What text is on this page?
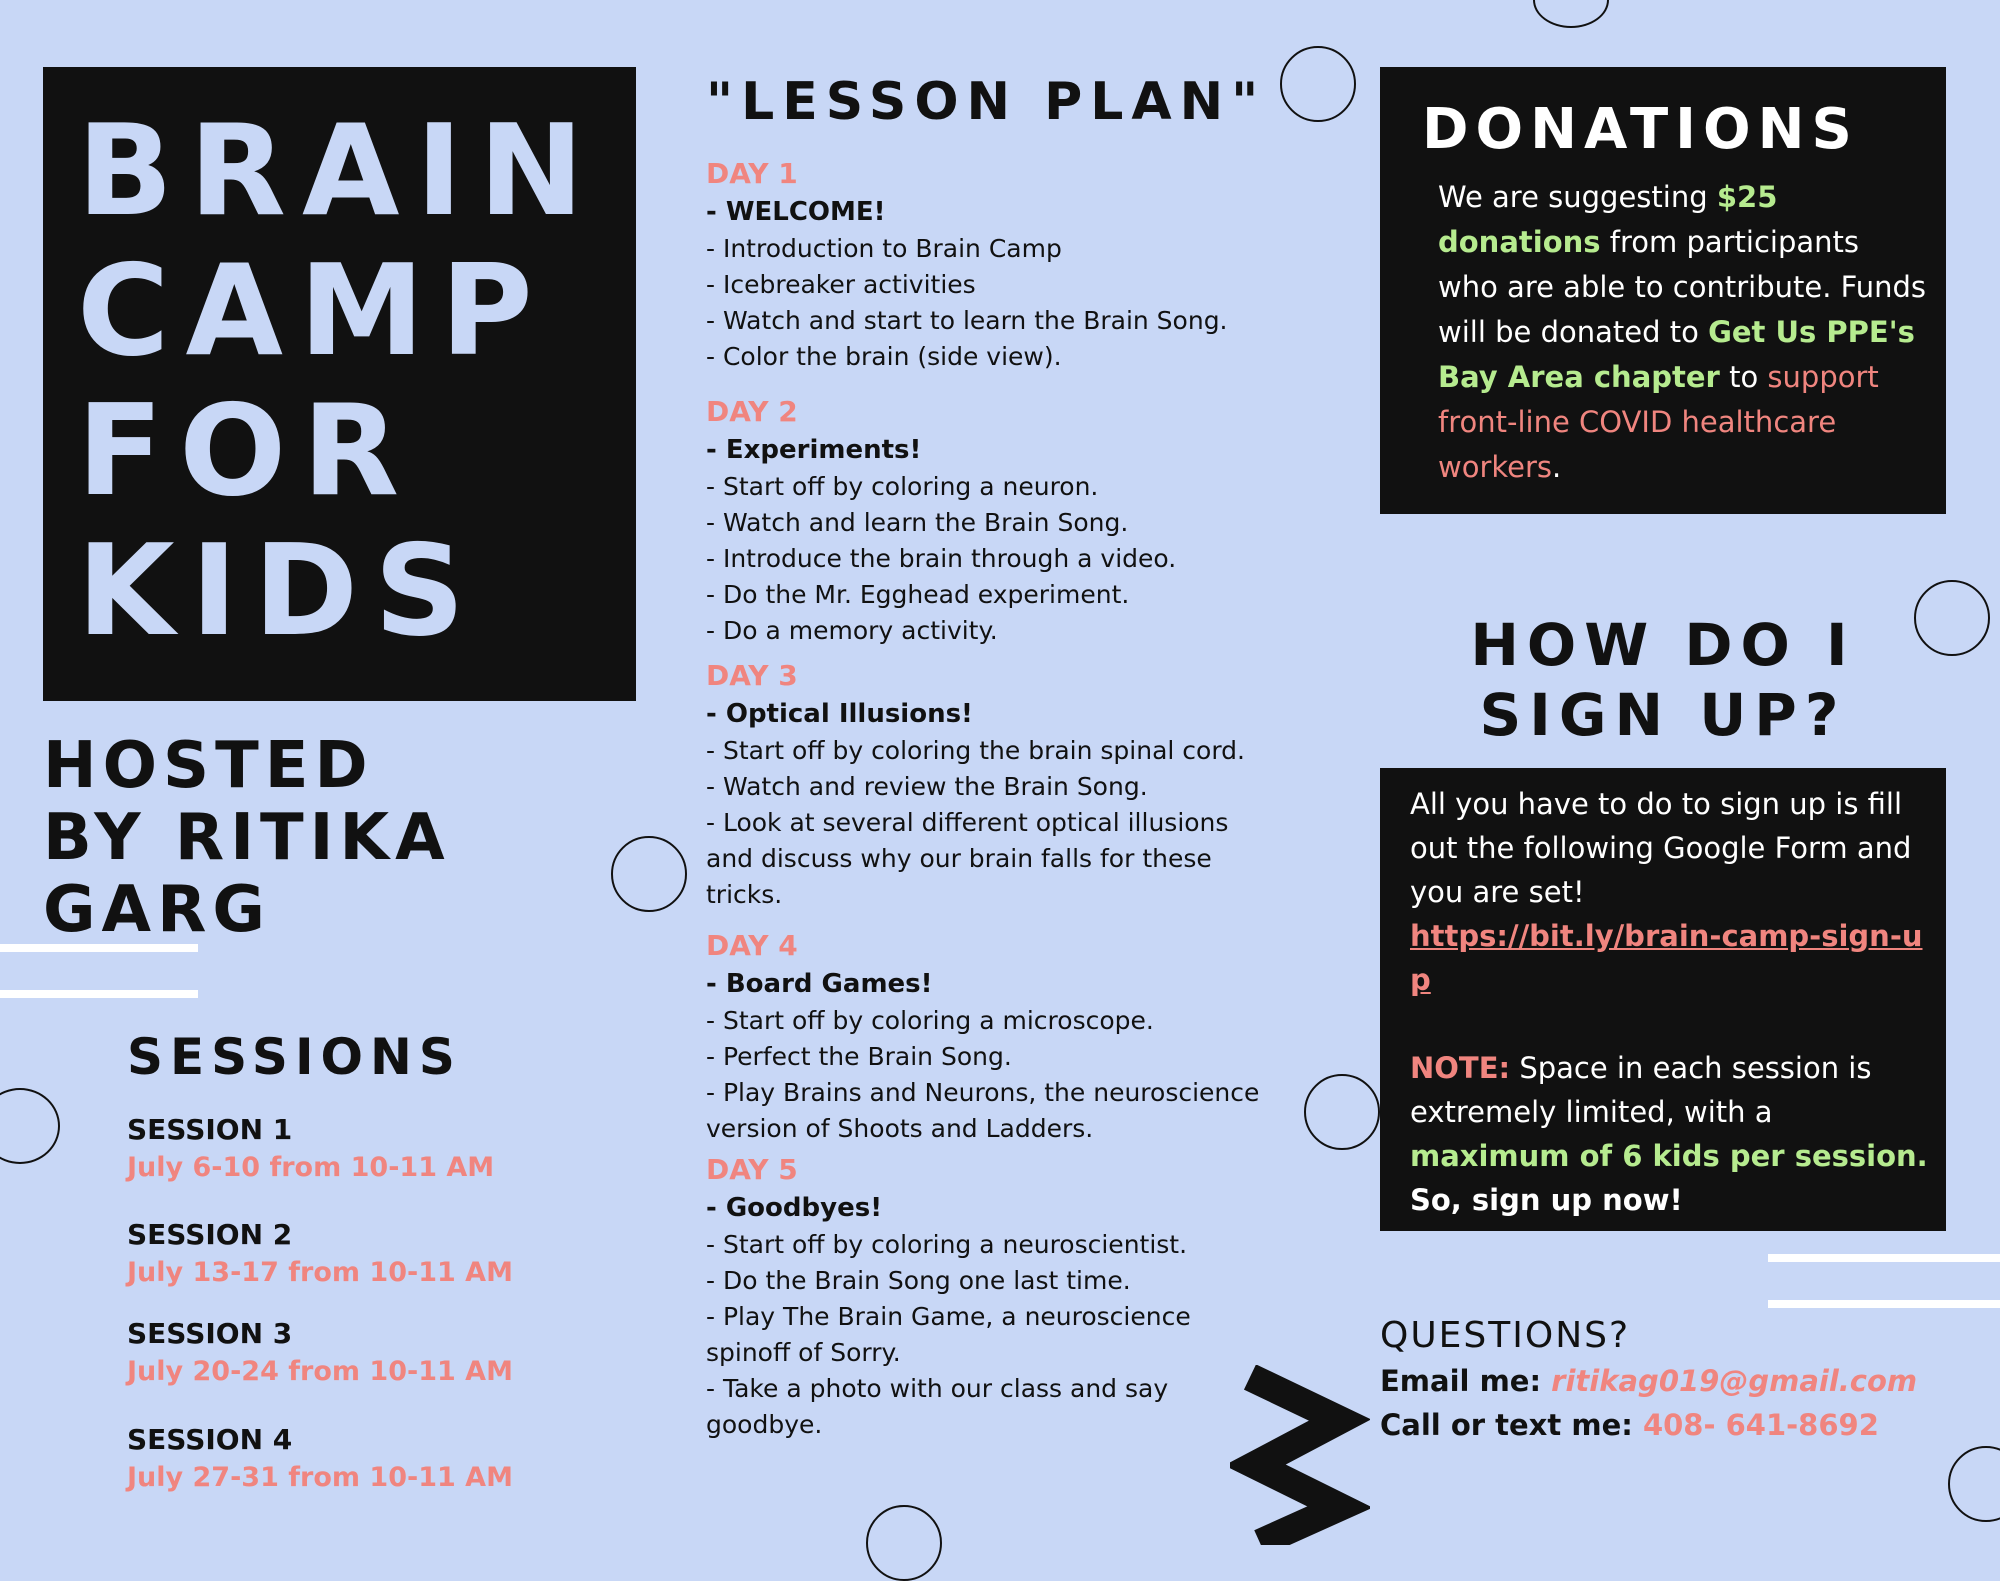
BRAIN
CAMP
FOR
KIDS
HOSTED
BY RITIKA
GARG
SESSIONS
SESSION 1
July 6-10 from 10-11 AM
SESSION 2
July 13-17 from 10-11 AM
SESSION 3
July 20-24 from 10-11 AM
SESSION 4
July 27-31 from 10-11 AM
"LESSON PLAN"
DAY 1
- WELCOME!
- Introduction to Brain Camp
- Icebreaker activities
- Watch and start to learn the Brain Song.
- Color the brain (side view).
DAY 2
- Experiments!
- Start off by coloring a neuron.
- Watch and learn the Brain Song.
- Introduce the brain through a video.
- Do the Mr. Egghead experiment.
- Do a memory activity.
DAY 3
- Optical Illusions!
- Start off by coloring the brain spinal cord.
- Watch and review the Brain Song.
- Look at several different optical illusions and discuss why our brain falls for these tricks.
DAY 4
- Board Games!
- Start off by coloring a microscope.
- Perfect the Brain Song.
- Play Brains and Neurons, the neuroscience version of Shoots and Ladders.
DAY 5
- Goodbyes!
- Start off by coloring a neuroscientist.
- Do the Brain Song one last time.
- Play The Brain Game, a neuroscience spinoff of Sorry.
- Take a photo with our class and say goodbye.
DONATIONS
We are suggesting $25 donations from participants who are able to contribute. Funds will be donated to Get Us PPE's Bay Area chapter to support front-line COVID healthcare workers.
HOW DO I
SIGN UP?
All you have to do to sign up is fill out the following Google Form and you are set!
https://bit.ly/brain-camp-sign-up
NOTE: Space in each session is extremely limited, with a maximum of 6 kids per session.
So, sign up now!
QUESTIONS?
Email me: ritikag019@gmail.com
Call or text me: 408- 641-8692
